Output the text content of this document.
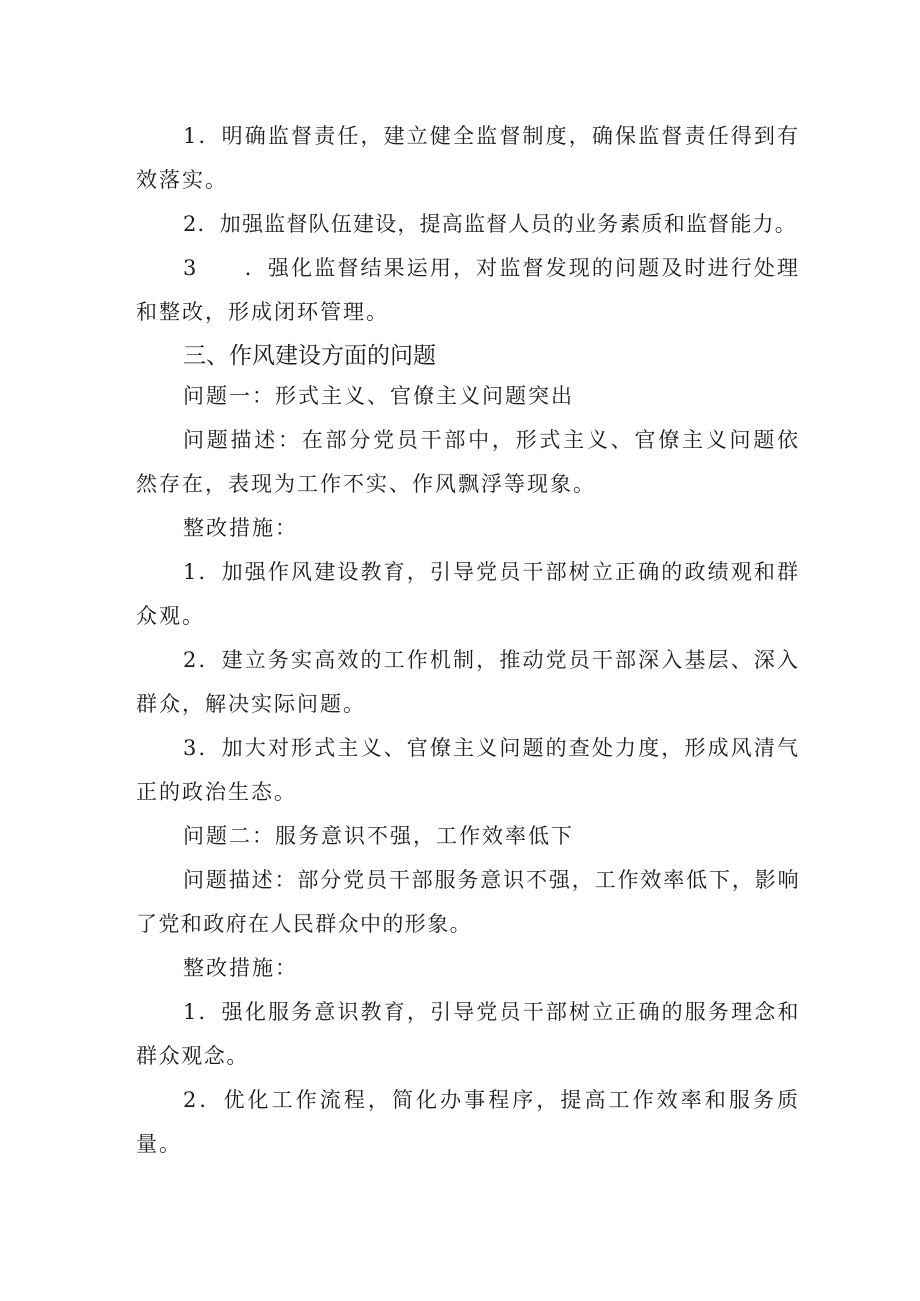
1．明确监督责任，建立健全监督制度，确保监督责任得到有效落实。

2．加强监督队伍建设，提高监督人员的业务素质和监督能力。

3　　．强化监督结果运用，对监督发现的问题及时进行处理和整改，形成闭环管理。

三、作风建设方面的问题

问题一：形式主义、官僚主义问题突出

问题描述：在部分党员干部中，形式主义、官僚主义问题依然存在，表现为工作不实、作风飘浮等现象。

整改措施：

1．加强作风建设教育，引导党员干部树立正确的政绩观和群众观。

2．建立务实高效的工作机制，推动党员干部深入基层、深入群众，解决实际问题。

3．加大对形式主义、官僚主义问题的查处力度，形成风清气正的政治生态。

问题二：服务意识不强，工作效率低下

问题描述：部分党员干部服务意识不强，工作效率低下，影响了党和政府在人民群众中的形象。

整改措施：

1．强化服务意识教育，引导党员干部树立正确的服务理念和群众观念。

2．优化工作流程，简化办事程序，提高工作效率和服务质量。
